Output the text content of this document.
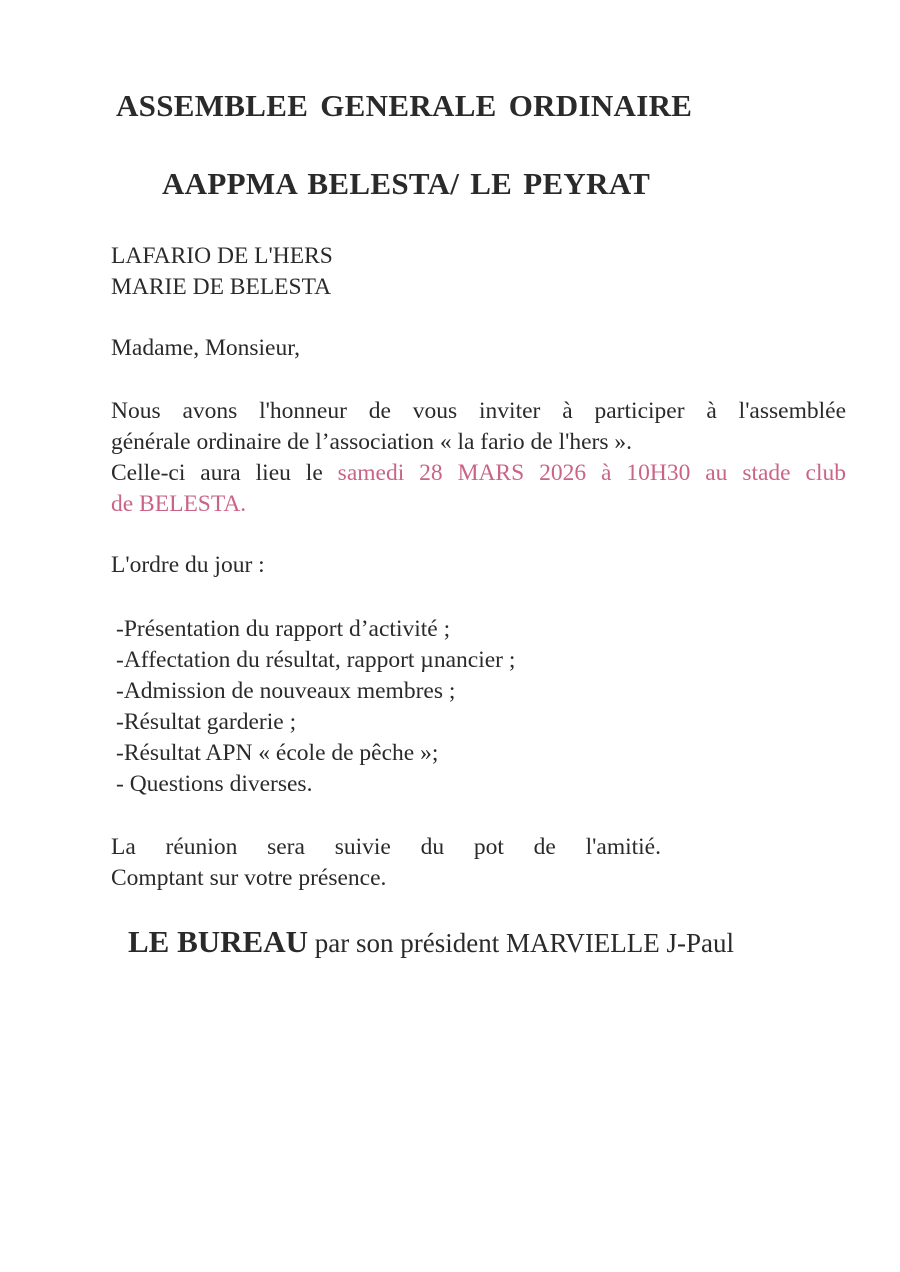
ASSEMBLEE GENERALE ORDINAIRE
AAPPMA BELESTA/ LE PEYRAT
LAFARIO DE L'HERS
MARIE DE BELESTA
Madame, Monsieur,
Nous avons l'honneur de vous inviter à participer à l'assemblée
générale ordinaire de l’association « la fario de l'hers ».
Celle-ci aura lieu le samedi 28 MARS 2026 à 10H30 au stade club
de BELESTA.
L'ordre du jour :
-Présentation du rapport d’activité ;
-Affectation du résultat, rapport µnancier ;
-Admission de nouveaux membres ;
-Résultat garderie ;
-Résultat APN « école de pêche »;
- Questions diverses.
La réunion sera suivie du pot de l'amitié.
Comptant sur votre présence.
LE BUREAU par son président MARVIELLE J-Paul
